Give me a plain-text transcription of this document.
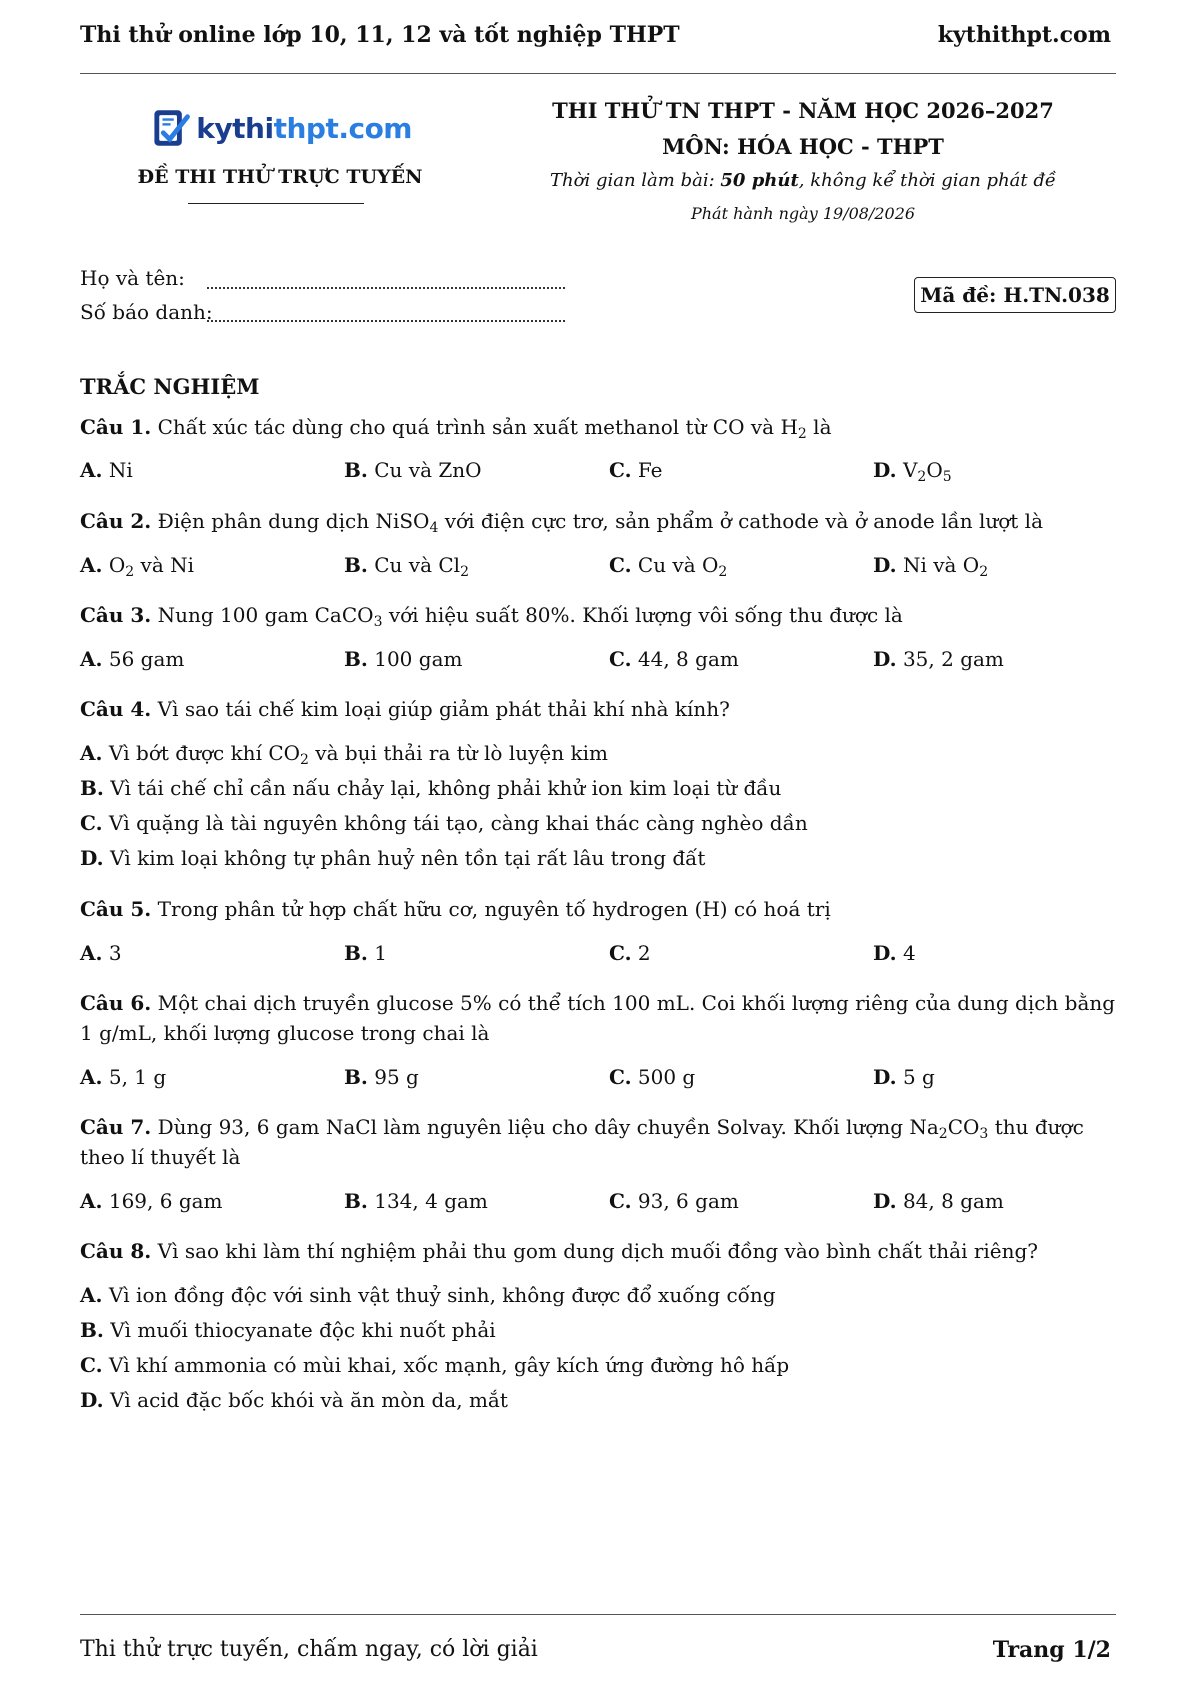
Thi thử online lớp 10, 11, 12 và tốt nghiệp THPT	kythithpt.com
kythithpt.com
ĐỀ THI THỬ TRỰC TUYẾN
THI THỬ TN THPT - NĂM HỌC 2026–2027
MÔN: HÓA HỌC - THPT
Thời gian làm bài: 50 phút, không kể thời gian phát đề
Phát hành ngày 19/08/2026
Họ và tên:
Số báo danh:
Mã đề: H.TN.038
TRẮC NGHIỆM
Câu 1. Chất xúc tác dùng cho quá trình sản xuất methanol từ CO và $H_2$ là
A. Ni	B. Cu và ZnO	C. Fe	D. $V_2O_5$
Câu 2. Điện phân dung dịch NiSO$_4$ với điện cực trơ, sản phẩm ở cathode và ở anode lần lượt là
A. $O_2$ và Ni	B. Cu và $Cl_2$	C. Cu và $O_2$	D. Ni và $O_2$
Câu 3. Nung 100 gam CaCO$_3$ với hiệu suất 80%. Khối lượng vôi sống thu được là
A. 56 gam	B. 100 gam	C. 44, 8 gam	D. 35, 2 gam
Câu 4. Vì sao tái chế kim loại giúp giảm phát thải khí nhà kính?
A. Vì bớt được khí $CO_2$ và bụi thải ra từ lò luyện kim
B. Vì tái chế chỉ cần nấu chảy lại, không phải khử ion kim loại từ đầu
C. Vì quặng là tài nguyên không tái tạo, càng khai thác càng nghèo dần
D. Vì kim loại không tự phân huỷ nên tồn tại rất lâu trong đất
Câu 5. Trong phân tử hợp chất hữu cơ, nguyên tố hydrogen (H) có hoá trị
A. 3	B. 1	C. 2	D. 4
Câu 6. Một chai dịch truyền glucose 5% có thể tích 100 mL. Coi khối lượng riêng của dung dịch bằng 1 g/mL, khối lượng glucose trong chai là
A. 5, 1 g	B. 95 g	C. 500 g	D. 5 g
Câu 7. Dùng 93, 6 gam NaCl làm nguyên liệu cho dây chuyền Solvay. Khối lượng $Na_2CO_3$ thu được theo lí thuyết là
A. 169, 6 gam	B. 134, 4 gam	C. 93, 6 gam	D. 84, 8 gam
Câu 8. Vì sao khi làm thí nghiệm phải thu gom dung dịch muối đồng vào bình chất thải riêng?
A. Vì ion đồng độc với sinh vật thuỷ sinh, không được đổ xuống cống
B. Vì muối thiocyanate độc khi nuốt phải
C. Vì khí ammonia có mùi khai, xốc mạnh, gây kích ứng đường hô hấp
D. Vì acid đặc bốc khói và ăn mòn da, mắt
Thi thử trực tuyến, chấm ngay, có lời giải	Trang 1/2
